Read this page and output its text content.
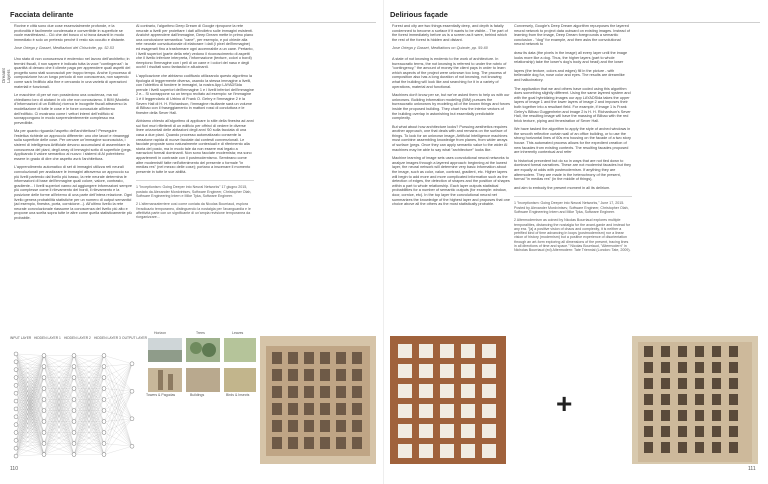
Facciata delirante
Dreamt Layers

Rovine e città sono due cose essenzialmente profonde, e la profondità è facilmente condensata e convertibile in superficie se vuole manifestarsi... Ciò che del bosco ci si trova davanti in modo immediato è solo un pretesto perché il resto sia occulto e distante.

Jose Ortega y Gasset, Meditazioni del Chisciotte, pp. 52-53

Uno stato di non conoscenza è endemico nel lavoro dell'architetto; in termini fiscali, il non sapere è indicato tutta la voce "contingenza": la quantità di denaro che il cliente paga per apprendere quali aspetti del progetto sono stati sconosciuti per troppo tempo. Anche il processo di composizione ha un lungo periodo di non conoscenza, non sapendo come sarà l'edificio alla fine e cercando in una varietà di operazioni materiali e funzionali.

Le macchine di per sé non possiedono una coscienza, ma noi chiediamo loro di aiutarci in ciò che non conosciamo. Il BIM (Modello d'Informazioni di un Edificio) ricerca le incognite fiscali attraverso la modellazione di tutte le cose e le forze conosciute all'interno dell'edificio. Ci mostrano come i vettori interni dell'edificio si sovrappongono in modo sorprendentemente complesso ma prevedibile.

Ma per quanto riguarda l'aspetto dell'architettura? Perseguire l'estetica richiede un approccio differente: uno che lavori e rimaneggi sulla superficie delle cose. Per cercare un'immagine sconosciuta, i sistemi di intelligenza Artificiale devono accumularsi di assemblare la conoscenza del piani, degli array di immagini sotto di superficie (pegs. Applicando il valore semantico al nuovo: i sistemi di AI potrebbero essere in grado di dire che aspetto avrà l'architettura.

L'apprendimento automatico di set di immagini utilizza reti neurali convoluzionali per analizzare le immagini attraverso un approccio su più livelli partendo dal livello più basso, la rete neurale determina le informazioni di base dell'immagine quali colore, valore, contrasto, gradiente... I livelli superiori vanno ad aggiungere informazioni sempre più complesse come il rilevamento dei bordi, il rilevamento e la posizione delle forme all'interno di una parte dell'intera relazione. Ogni livello genera probabilità statistiche per un numero di output semantici (ad esempio, finestra, porta, cornicione...). All'ultimo livello la rete neurale convoluzionale riassume la conoscenza del livello più alto e propone una scelta sopra tutte le altre come quella statisticamente più probabile.

Al contrario, l'algoritmo Deep Dream di Google ripropone la rete neurale a livelli per proiettare i dati all'indietro sulle immagini esistenti. Anziché apprendere dall'immagine, Deep Dream mette in primo piano una conclusione semantica: "cane", per esempio, e poi chiede alla rete neurale convoluzionale di elaborare i dati (i pixel dell'immagine) ed esagerarli fino a trasformare ogni accennabile a un cane. Pertanto, i livelli superiori (parte della rete) vedono il riconoscimento di aspetti che il livello inferiore interpreta, l'informazione (texture, colori o bordi) riempiono l'immagine con i peli di un cane e i colori del naso e degli occhi! I risultati sono fantastici e allucinanti.

L'applicazione che abbiamo codificato utilizzando questo algoritmo la tipologia di leggermente diversa, usando la stessa immagine a livelli, con l'obiettivo di fondere le immagini, la nostra App LAYADSida prende i livelli superiori dell'immagine 1 e i livelli inferiori dell'immagine 2 e... Si sovrappone su un tempo recitato ad esempio: se l'immagine 1 è il leggendario di Urbino di Frank O. Gehry e l'immagine 2 è la Seven Hall di H. H. Richardson, l'immagine risultante sarà un volume di Bilbao con il fraseggiamento in mattoni rossi di conduttura e le finestre della Sever Hall.

Abbiamo chiesto all'algoritmo di applicare lo stile della finestra ad anni sui fiori muri riflettenti di un edificio per offrirci di vedere le diverse linee orizzontali delle abitazioni degli anni '60 sulla facciata di una casa a due piani. Quando processo automatizzato consente la creazione rapida di nuove facciate dai contesti convenzionali. Le facciate proposte sono naturalmente contestuali e di riferimento alla storia del posto, ma in modo tale da non essere mai legato a narrazioni formali dominanti. Non sono facciate modernista; ma sono appartenenti in contraste con il postmodernismo. Sembrano come altre modernisti! fatte nell'ottenimento del presente o formale "in medias res" (nel mezzo delle cose); portano a inscenare il momento presente in tutte le sue abilità.

1 "Inceptionism: Going Deeper into Neural Networks" 17 giugno 2015, postato da Alexander Mordvintsev, Software Engineer, Christopher Olah, Software Engineering Intern e Mike Tyka, Software Engineer.

2 L'alternanzaterriere così come coniata da Nicolas Bourriaud, esplora l'eradicazio temporaneo, distinguendo la nostalgia per l'avanguardia e le affettività parte con un significante di un'ampia revisione temporanea da riorganizzare...

INPUT LAYER HIDDEN LAYER 1 HIDDEN LAYER 2 HIDDEN LAYER 3 OUTPUT LAYER
Horizon	Trees	Leaves
Towers & Pagodas	Buildings	Birds & Insects
110
Delirious façade

Forest and city are two things essentially deep, and depth is fatally condemned to become a surface if it wants to be visible... The part of the forest immediately before us is a screen as it were, behind which the rest of the forest is hidden and distant.

Jose Ortega y Gasset, Meditations on Quixote, pp. 59-60

A state of not knowing is endemic to the work of architecture. In bureaucratic terms, the not knowing is referred to under the rubric of "contingency," the amount of money the client pays in order to learn which aspects of the project were unknown too long. The process of composition also has a long duration of not knowing, not knowing what the building will look like and searching for it in a variety of operations, material and functional.

Machines don't know per se, but we've asked them to help us with our unknowns. Building information modeling (BIM) pursues the bureaucratic unknowns by modeling all of the known things and forces inside the proposed building. They chart how the interior vectors of the building overlap in astonishing but essentially predictable complexity.

But what about how architecture looks? Pursuing aesthetics requires another approach, one that deals with and remains on the surface of things. To look for an unknown image, Artificial Intelligence machines must combine assembling knowledge from planes, from wider arrays of surface (pegs. Once they can apply semantic value to the wider AI machines may be able to say what "architecture" looks like.

Machine learning of image sets uses convolutional neural networks to analyze images through a layered approach: beginning at the lowest layer, the neural network will determine very basic information about the image, such as color, value, contrast, gradient, etc. Higher layers will begin to add more and more complicated information such as the detection of edges, the detection of shapes and the position of shapes within a part to whole relationship. Each layer outputs statistical probabilities for a number of semantic outputs (for example: window, door, cornice, etc). In the top layer the convolutional neural net summarizes the knowledge of the highest layer and proposes that one choice above all the others as the most statistically probable.

Conversely, Google's Deep Dream algorithm repurposes the layered neural network to project data outward on existing images. Instead of learning from the image, Deep Dream foregrounds a semantic conclusion - "dog" for example, and then asks the convolutional neural network to

draw its data (the pixels in the image) all every layer until the image looks more like a dog. Thus, the higher layers (part to whole relationship) take the lower's dog's body and head) and the lower

layers (the texture, colors and edges) fill in the picture - with believable dog fur, nose color and eyes. The results are dreamlike and hallucinatory.

The application that we and others have coded using this algorithm does something slightly different. Using the same layered system and with the goal hybridizing images our app LAYADSida takes the upper layers of image 1 and the lower layers of image 2 and imposes their both together into a resultant field. For example, if image 1 is Frank Gehry's Bilbao Guggenheim and image 2 is H. H. Richardson's Sever Hall, the resulting image will have the massing of Bilbao with the red brick texture, piping and fenestration of Sever Hall.

We have tasked the algorithm to apply the style of arched windows in the smooth reflective curtain wall of an office building, or to use the strong horizontal lines of 60s era housing on the facade of a two story house. This automated process allows for the expedient creation of new facades from existing contexts. The resulting facades proposed are inherently contextual and refer

to historical precedent but do so in ways that are not tied down to dominant formal narratives. These are not modernist facades but they are equally at odds with postmodernism. If anything they are altermodern. They are made in the heterochrony of the present, formal "in medias res" (in the middle of things),

and aim to embody the present moment in all its delirium.

1 "Inceptionism: Going Deeper into Neural Networks," June 17, 2015. Posted by Alexander Mordvintsev, Software Engineer, Christopher Olah, Software Engineering Intern and Mike Tyka, Software Engineer.

2 Altermodernism as coined by Nicolas Bourriaud explores multiple temporalities, distancing the nostalgia for the avant-garde and instead for any era. "[a] a positive vision of chaos and complexity, it is neither a petrified kind of time advancing in loops (postmodernism) nor a linear vision of history (modernism) but a positive experience of disorientation through an art-form exploring all dimensions of the present, tracing lines in all directions of time and space." Nicolas Bourriaud, "Altermodern" in Nicholas Bourriaud (ed) Altermodern: Tate Triennial (London: Tate, 2009).

+
111
